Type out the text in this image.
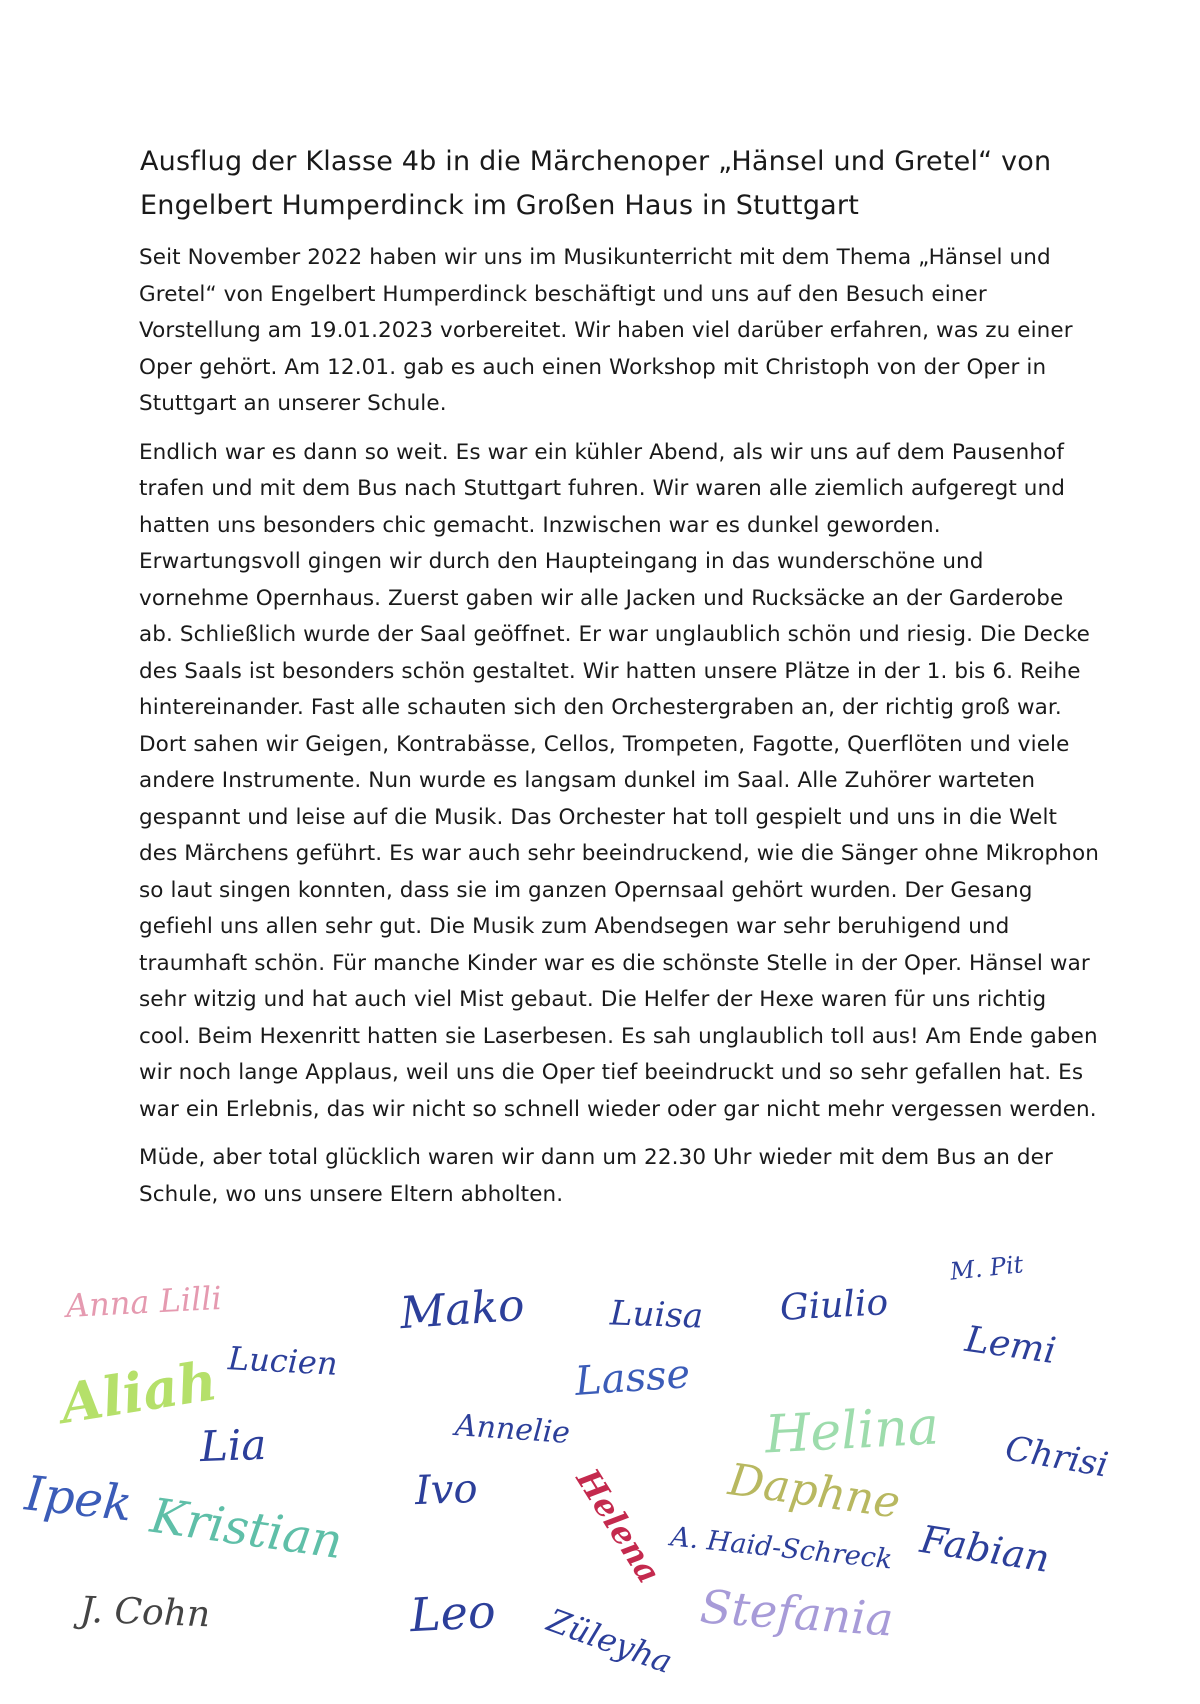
Ausflug der Klasse 4b in die Märchenoper „Hänsel und Gretel“ von
Engelbert Humperdinck im Großen Haus in Stuttgart

Seit November 2022 haben wir uns im Musikunterricht mit dem Thema „Hänsel und Gretel“ von Engelbert Humperdinck beschäftigt und uns auf den Besuch einer Vorstellung am 19.01.2023 vorbereitet. Wir haben viel darüber erfahren, was zu einer Oper gehört. Am 12.01. gab es auch einen Workshop mit Christoph von der Oper in Stuttgart an unserer Schule.

Endlich war es dann so weit. Es war ein kühler Abend, als wir uns auf dem Pausenhof trafen und mit dem Bus nach Stuttgart fuhren. Wir waren alle ziemlich aufgeregt und hatten uns besonders chic gemacht. Inzwischen war es dunkel geworden. Erwartungsvoll gingen wir durch den Haupteingang in das wunderschöne und vornehme Opernhaus. Zuerst gaben wir alle Jacken und Rucksäcke an der Garderobe ab. Schließlich wurde der Saal geöffnet. Er war unglaublich schön und riesig. Die Decke des Saals ist besonders schön gestaltet. Wir hatten unsere Plätze in der 1. bis 6. Reihe hintereinander. Fast alle schauten sich den Orchestergraben an, der richtig groß war. Dort sahen wir Geigen, Kontrabässe, Cellos, Trompeten, Fagotte, Querflöten und viele andere Instrumente. Nun wurde es langsam dunkel im Saal. Alle Zuhörer warteten gespannt und leise auf die Musik. Das Orchester hat toll gespielt und uns in die Welt des Märchens geführt. Es war auch sehr beeindruckend, wie die Sänger ohne Mikrophon so laut singen konnten, dass sie im ganzen Opernsaal gehört wurden. Der Gesang gefiehl uns allen sehr gut. Die Musik zum Abendsegen war sehr beruhigend und traumhaft schön. Für manche Kinder war es die schönste Stelle in der Oper. Hänsel war sehr witzig und hat auch viel Mist gebaut. Die Helfer der Hexe waren für uns richtig cool. Beim Hexenritt hatten sie Laserbesen. Es sah unglaublich toll aus! Am Ende gaben wir noch lange Applaus, weil uns die Oper tief beeindruckt und so sehr gefallen hat. Es war ein Erlebnis, das wir nicht so schnell wieder oder gar nicht mehr vergessen werden.

Müde, aber total glücklich waren wir dann um 22.30 Uhr wieder mit dem Bus an der Schule, wo uns unsere Eltern abholten.

Anna Lilli	Mako Luisa Giulio
M. Pit
Lemi
Aliah Lucien	Lasse
Lia	Annelie	Helina Chrisi
Ipek Kristian Ivo	Helena Daphne
A. Haid-Schreck Fabian
J. Cohn	Leo Züleyha Stefania
